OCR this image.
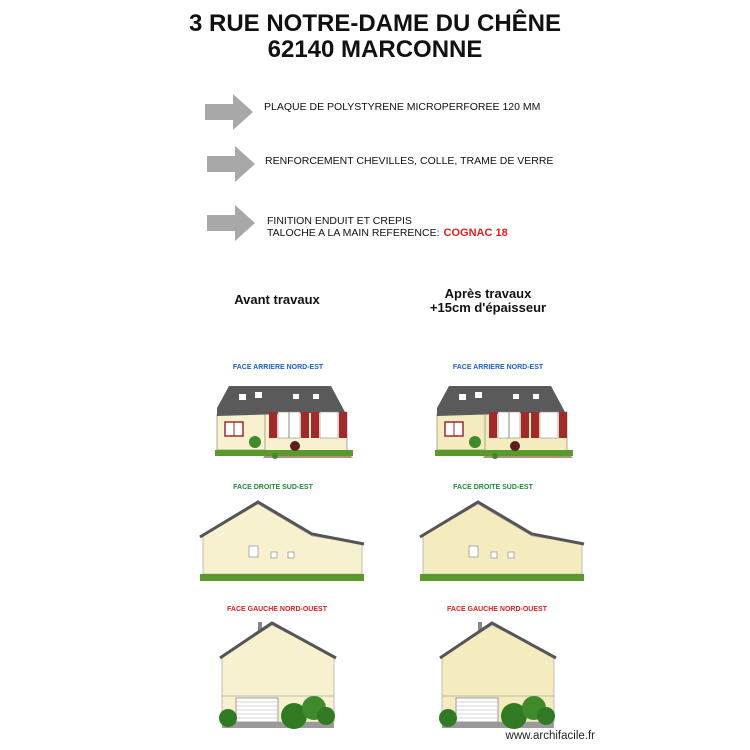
3 RUE NOTRE-DAME DU CHÊNE
62140 MARCONNE
PLAQUE DE POLYSTYRENE MICROPERFOREE 120 MM
RENFORCEMENT CHEVILLES, COLLE, TRAME DE VERRE
FINITION ENDUIT ET CREPIS
TALOCHE A LA MAIN REFERENCE: COGNAC 18
Avant travaux	Après travaux
+15cm d'épaisseur
FACE ARRIERE NORD-EST	FACE ARRIERE NORD-EST
FACE DROITE SUD-EST	FACE DROITE SUD-EST
FACE GAUCHE NORD-OUEST	FACE GAUCHE NORD-OUEST
www.archifacile.fr
